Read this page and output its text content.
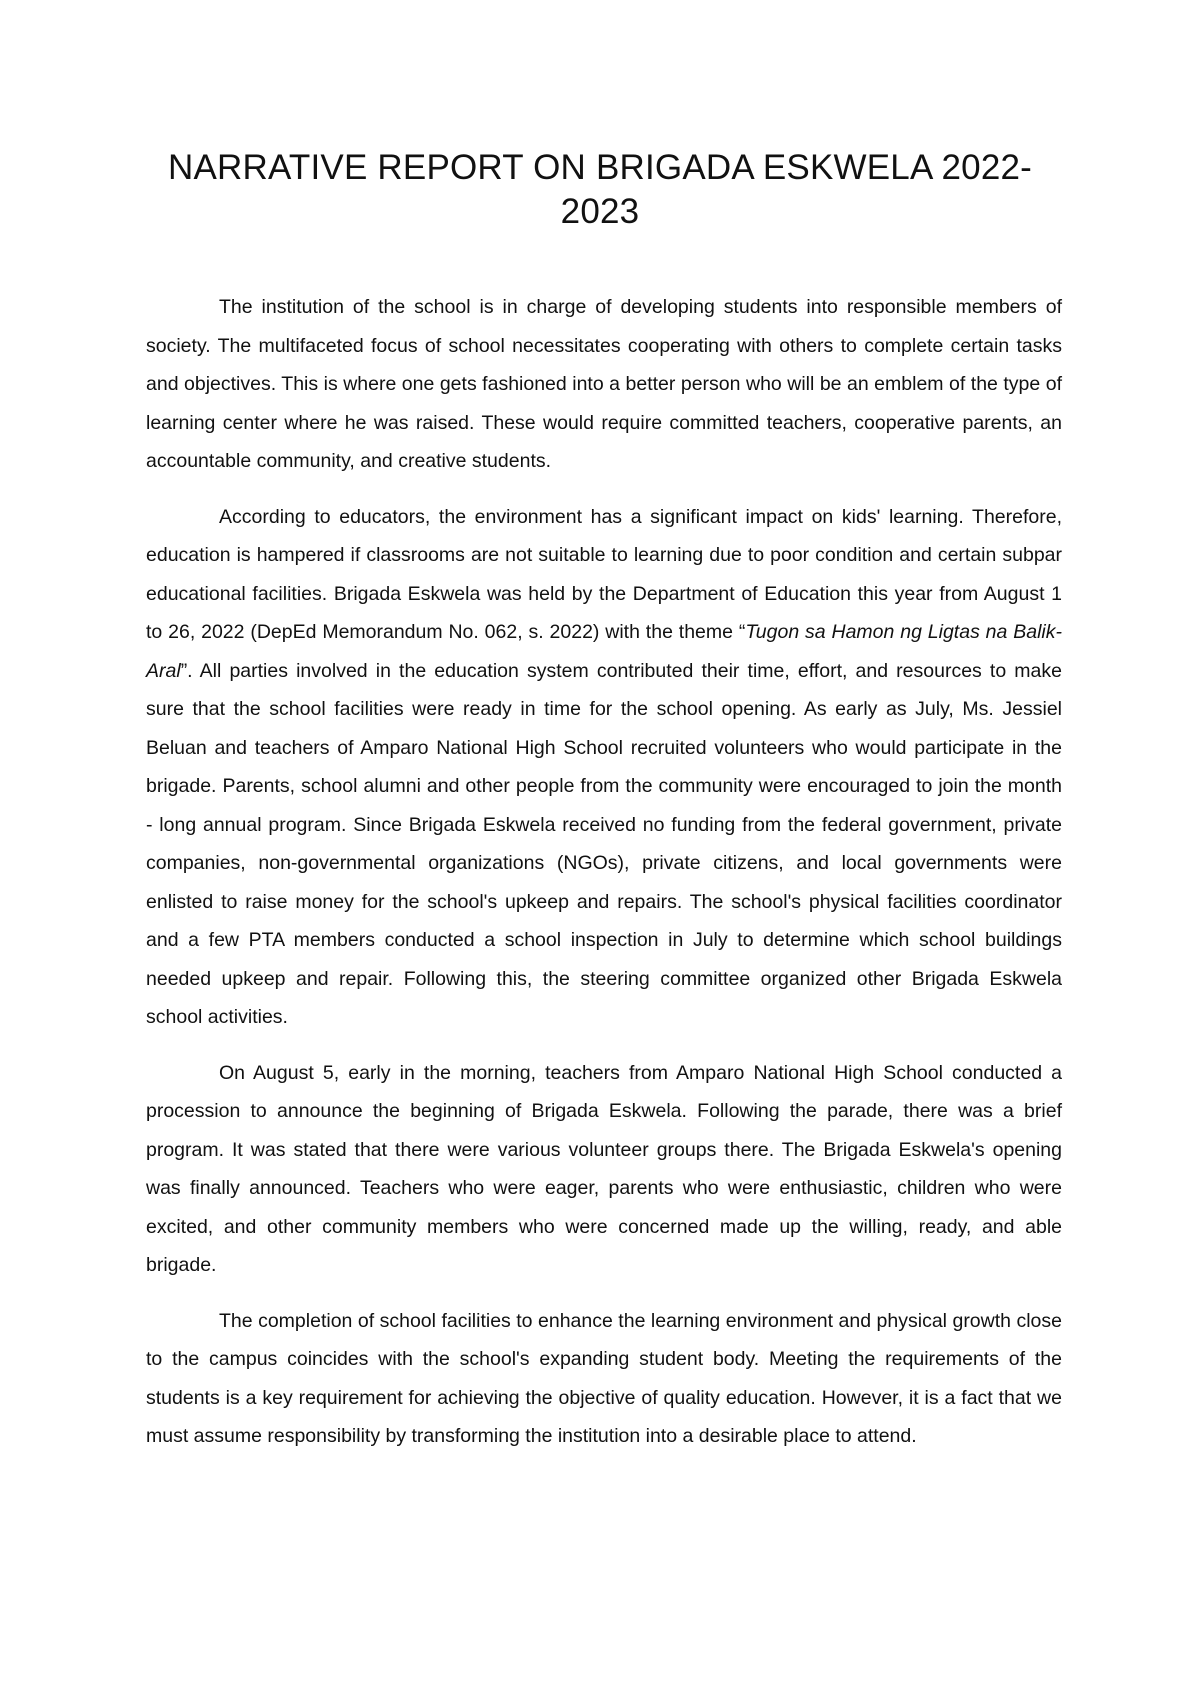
NARRATIVE REPORT ON BRIGADA ESKWELA 2022-2023

The institution of the school is in charge of developing students into responsible members of society. The multifaceted focus of school necessitates cooperating with others to complete certain tasks and objectives. This is where one gets fashioned into a better person who will be an emblem of the type of learning center where he was raised. These would require committed teachers, cooperative parents, an accountable community, and creative students.

According to educators, the environment has a significant impact on kids' learning. Therefore, education is hampered if classrooms are not suitable to learning due to poor condition and certain subpar educational facilities. Brigada Eskwela was held by the Department of Education this year from August 1 to 26, 2022 (DepEd Memorandum No. 062, s. 2022) with the theme “Tugon sa Hamon ng Ligtas na Balik-Aral”. All parties involved in the education system contributed their time, effort, and resources to make sure that the school facilities were ready in time for the school opening. As early as July, Ms. Jessiel Beluan and teachers of Amparo National High School recruited volunteers who would participate in the brigade. Parents, school alumni and other people from the community were encouraged to join the month - long annual program. Since Brigada Eskwela received no funding from the federal government, private companies, non-governmental organizations (NGOs), private citizens, and local governments were enlisted to raise money for the school's upkeep and repairs. The school's physical facilities coordinator and a few PTA members conducted a school inspection in July to determine which school buildings needed upkeep and repair. Following this, the steering committee organized other Brigada Eskwela school activities.

On August 5, early in the morning, teachers from Amparo National High School conducted a procession to announce the beginning of Brigada Eskwela. Following the parade, there was a brief program. It was stated that there were various volunteer groups there. The Brigada Eskwela's opening was finally announced. Teachers who were eager, parents who were enthusiastic, children who were excited, and other community members who were concerned made up the willing, ready, and able brigade.

The completion of school facilities to enhance the learning environment and physical growth close to the campus coincides with the school's expanding student body. Meeting the requirements of the students is a key requirement for achieving the objective of quality education. However, it is a fact that we must assume responsibility by transforming the institution into a desirable place to attend.
